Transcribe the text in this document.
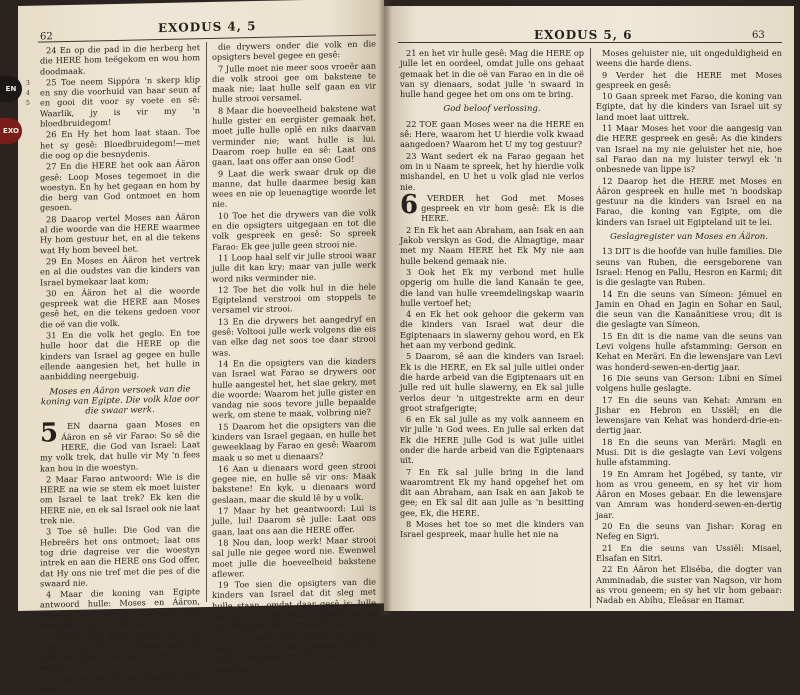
62
EXODUS 4, 5

24 En op die pad in die herberg het die HERE hom teëgekom en wou hom doodmaak.

25 Toe neem Sippóra 'n skerp klip en sny die voorhuid van haar seun af en gooi dit voor sy voete en sê: Waarlik, jy is vir my 'n bloedbruidegom!

26 En Hy het hom laat staan. Toe het sy gesê: Bloedbruidegom!—met die oog op die besnydenis.

27 En die HERE het ook aan Áäron gesê: Loop Moses tegemoet in die woestyn. En hy het gegaan en hom by die berg van God ontmoet en hom gesoen.

28 Daarop vertel Moses aan Áäron al die woorde van die HERE waarmee Hy hom gestuur het, en al die tekens wat Hy hom beveel het.

29 En Moses en Áäron het vertrek en al die oudstes van die kinders van Israel bymekaar laat kom;

30 en Áäron het al die woorde gespreek wat die HERE aan Moses gesê het, en die tekens gedoen voor die oë van die volk.

31 En die volk het geglo. En toe hulle hoor dat die HERE op die kinders van Israel ag gegee en hulle ellende aangesien het, het hulle in aanbidding neergebuig.

Moses en Áäron versoek van die koning van Egipte. Die volk klae oor die swaar werk.

5	EN daarna gaan Moses en Áäron en sê vir Farao: So sê die HERE, die God van Israel: Laat my volk trek, dat hulle vir My 'n fees kan hou in die woestyn.

2 Maar Farao antwoord: Wie is die HERE na wie se stem ek moet luister om Israel te laat trek? Ek ken die HERE nie, en ek sal Israel ook nie laat trek nie.

3 Toe sê hulle: Die God van die Hebreërs het ons ontmoet; laat ons tog drie dagreise ver die woestyn intrek en aan die HERE ons God offer, dat Hy ons nie tref met die pes of die swaard nie.

4 Maar die koning van Egipte antwoord hulle: Moses en Áäron, waarom hou julle die volk van hulle werk af? Loop na julle werk toe!

5 Verder het Farao gesê: Kyk, die volk van die land is alreeds baie; en julle wil hulle laat ophou met hulle werk!

6 Daarom het Farao dieselfde dag aan

die drywers onder die volk en die opsigters bevel gegee en gesê:

7 Julle moet nie meer soos vroeër aan die volk strooi gee om bakstene te maak nie; laat hulle self gaan en vir hulle strooi versamel.

8 Maar die hoeveelheid bakstene wat hulle gister en eergister gemaak het, moet julle hulle oplê en niks daarvan verminder nie; want hulle is lui. Daarom roep hulle en sê: Laat ons gaan, laat ons offer aan onse God!

9 Laat die werk swaar druk op die manne, dat hulle daarmee besig kan wees en nie op leuenagtige woorde let nie.

10 Toe het die drywers van die volk en die opsigters uitgegaan en tot die volk gespreek en gesê: So spreek Farao: Ek gee julle geen strooi nie.

11 Loop haal self vir julle strooi waar julle dit kan kry; maar van julle werk word niks verminder nie.

12 Toe het die volk hul in die hele Egipteland verstrooi om stoppels te versamel vir strooi.

13 En die drywers het aangedryf en gesê: Voltooi julle werk volgens die eis van elke dag net soos toe daar strooi was.

14 En die opsigters van die kinders van Israel wat Farao se drywers oor hulle aangestel het, het slae gekry, met die woorde: Waarom het julle gister en vandag nie soos tevore julle bepaalde werk, om stene te maak, volbring nie?

15 Daarom het die opsigters van die kinders van Israel gegaan, en hulle het geweeklaag by Farao en gesê: Waarom maak u so met u dienaars?

16 Aan u dienaars word geen strooi gegee nie, en hulle sê vir ons: Maak bakstene! En kyk, u dienaars word geslaan, maar die skuld lê by u volk.

17 Maar hy het geantwoord: Lui is julle, lui! Daarom sê julle: Laat ons gaan, laat ons aan die HERE offer.

18 Nou dan, loop werk! Maar strooi sal julle nie gegee word nie. Ewenwel moet julle die hoeveelheid bakstene aflewer.

19 Toe sien die opsigters van die kinders van Israel dat dit sleg met hulle staan, omdat daar gesê is: Julle mag aan julle bakstene, volgens die eis van elke dag, niks verminder nie.

20 En hulle het Moses en Áäron teëgekom, wat daar gestaan het om hulle te ontmoet as hulle van Farao af weggaan,

EN
EXO
3
4
5
EXODUS 5, 6	63

21 en het vir hulle gesê: Mag die HERE op julle let en oordeel, omdat julle ons gehaat gemaak het in die oë van Farao en in die oë van sy dienaars, sodat julle 'n swaard in hulle hand gegee het om ons om te bring.

God beloof verlossing.

22 TOE gaan Moses weer na die HERE en sê: Here, waarom het U hierdie volk kwaad aangedoen? Waarom het U my tog gestuur?

23 Want sedert ek na Farao gegaan het om in u Naam te spreek, het hy hierdie volk mishandel, en U het u volk glad nie verlos nie.

6	VERDER het God met Moses gespreek en vir hom gesê: Ek is die HERE.

2 En Ek het aan Abraham, aan Isak en aan Jakob verskyn as God, die Almagtige, maar met my Naam HERE het Ek My nie aan hulle bekend gemaak nie.

3 Ook het Ek my verbond met hulle opgerig om hulle die land Kanaän te gee, die land van hulle vreemdelingskap waarin hulle vertoef het;

4 en Ek het ook gehoor die gekerm van die kinders van Israel wat deur die Egiptenaars in slawerny gehou word, en Ek het aan my verbond gedink.

5 Daarom, sê aan die kinders van Israel: Ek is die HERE, en Ek sal julle uitlei onder die harde arbeid van die Egiptenaars uit en julle red uit hulle slawerny, en Ek sal julle verlos deur 'n uitgestrekte arm en deur groot strafgerigte;

6 en Ek sal julle as my volk aanneem en vir julle 'n God wees. En julle sal erken dat Ek die HERE julle God is wat julle uitlei onder die harde arbeid van die Egiptenaars uit.

7 En Ek sal julle bring in die land waaromtrent Ek my hand opgehef het om dit aan Abraham, aan Isak en aan Jakob te gee; en Ek sal dit aan julle as 'n besitting gee, Ek, die HERE.

8 Moses het toe so met die kinders van Israel gespreek, maar hulle het nie na

Moses geluister nie, uit ongeduldigheid en weens die harde diens.

9 Verder het die HERE met Moses gespreek en gesê:

10 Gaan spreek met Farao, die koning van Egipte, dat hy die kinders van Israel uit sy land moet laat uittrek.

11 Maar Moses het voor die aangesig van die HERE gespreek en gesê: As die kinders van Israel na my nie geluister het nie, hoe sal Farao dan na my luister terwyl ek 'n onbesnede van lippe is?

12 Daarop het die HERE met Moses en Áäron gespreek en hulle met 'n boodskap gestuur na die kinders van Israel en na Farao, die koning van Egipte, om die kinders van Israel uit Egipteland uit te lei.

Geslagregister van Moses en Áäron.

13 DIT is die hoofde van hulle families. Die seuns van Ruben, die eersgeborene van Israel: Henog en Pallu, Hesron en Karmi; dit is die geslagte van Ruben.

14 En die seuns van Símeon: Jémuel en Jamin en Ohad en Jagin en Sohar en Saul, die seun van die Kanaänitiese vrou; dit is die geslagte van Símeon.

15 En dit is die name van die seuns van Levi volgens hulle afstamming: Gerson en Kehat en Meräri. En die lewensjare van Levi was honderd-sewen-en-dertig jaar.

16 Die seuns van Gerson: Libni en Símei volgens hulle geslagte.

17 En die seuns van Kehat: Amram en Jishar en Hebron en Ussiël; en die lewensjare van Kehat was honderd-drie-en-dertig jaar.

18 En die seuns van Meräri: Magli en Musi. Dit is die geslagte van Levi volgens hulle afstamming.

19 En Amram het Jogébed, sy tante, vir hom as vrou geneem, en sy het vir hom Áäron en Moses gebaar. En die lewensjare van Amram was honderd-sewen-en-dertig jaar.

20 En die seuns van Jishar: Korag en Nefeg en Sigri.

21 En die seuns van Ussiël: Misael, Elsafan en Sitri.

22 En Áäron het Eliséba, die dogter van Amminadab, die suster van Nagson, vir hom as vrou geneem; en sy het vir hom gebaar: Nadab en Abíhu, Eleäsar en Itamar.
